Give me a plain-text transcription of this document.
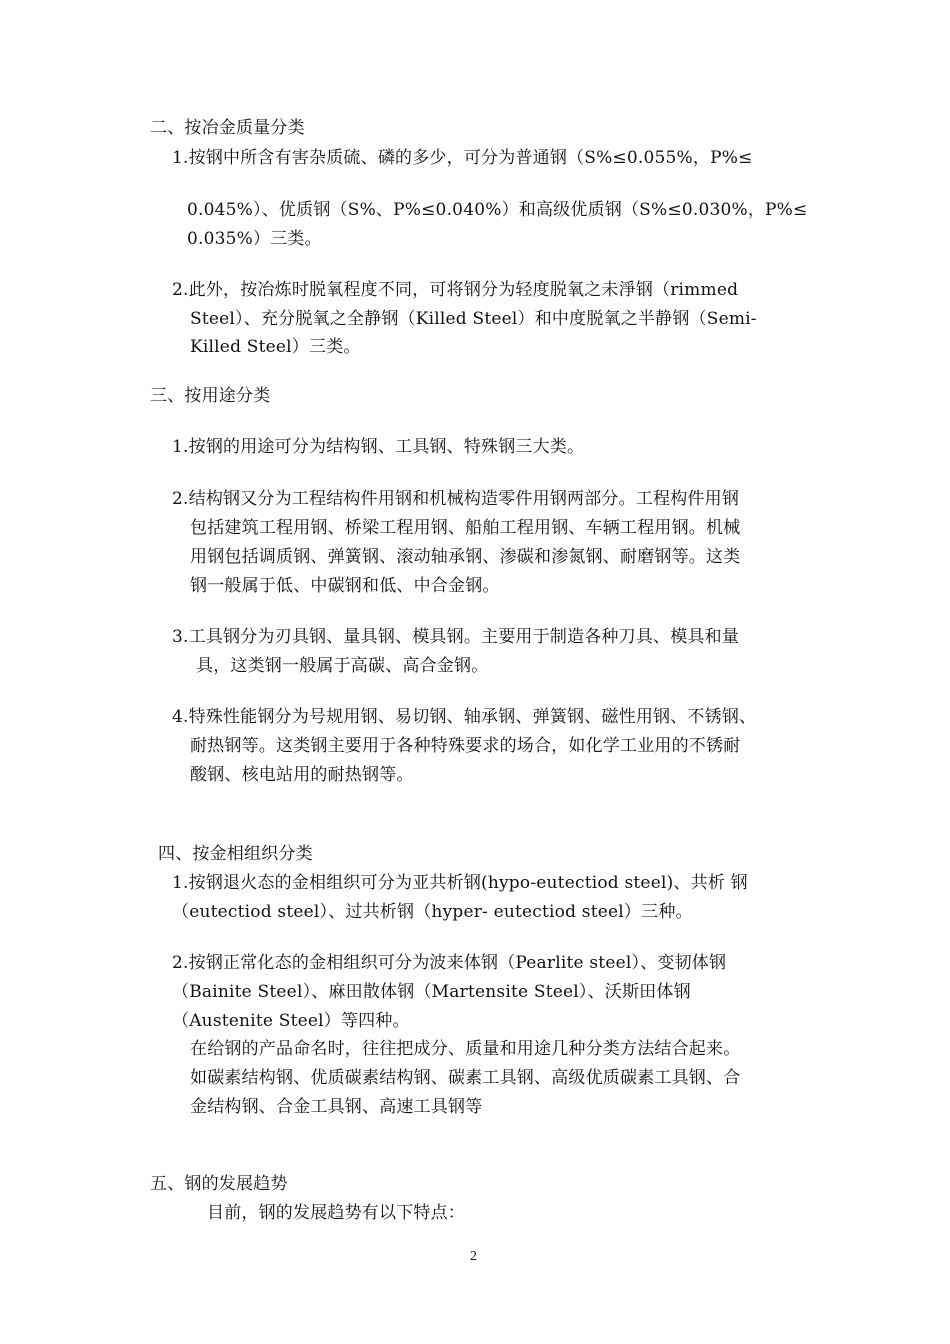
二、按冶金质量分类
1.按钢中所含有害杂质硫、磷的多少，可分为普通钢（S%≤0.055%，P%≤
0.045%）、优质钢（S%、P%≤0.040%）和高级优质钢（S%≤0.030%，P%≤
0.035%）三类。
2.此外，按冶炼时脱氧程度不同，可将钢分为轻度脱氧之未淨钢（rimmed
Steel）、充分脱氧之全静钢（Killed Steel）和中度脱氧之半静钢（Semi-
Killed Steel）三类。
三、按用途分类
1.按钢的用途可分为结构钢、工具钢、特殊钢三大类。
2.结构钢又分为工程结构件用钢和机械构造零件用钢两部分。工程构件用钢
包括建筑工程用钢、桥梁工程用钢、船舶工程用钢、车辆工程用钢。机械
用钢包括调质钢、弹簧钢、滚动轴承钢、渗碳和渗氮钢、耐磨钢等。这类
钢一般属于低、中碳钢和低、中合金钢。
3.工具钢分为刃具钢、量具钢、模具钢。主要用于制造各种刀具、模具和量
具，这类钢一般属于高碳、高合金钢。
4.特殊性能钢分为号规用钢、易切钢、轴承钢、弹簧钢、磁性用钢、不锈钢、
耐热钢等。这类钢主要用于各种特殊要求的场合，如化学工业用的不锈耐
酸钢、核电站用的耐热钢等。
四、按金相组织分类
1.按钢退火态的金相组织可分为亚共析钢(hypo-eutectiod steel)、共析 钢
（eutectiod steel）、过共析钢（hyper- eutectiod steel）三种。
2.按钢正常化态的金相组织可分为波来体钢（Pearlite steel）、变韧体钢
（Bainite Steel）、麻田散体钢（Martensite Steel）、沃斯田体钢
（Austenite Steel）等四种。
在给钢的产品命名时，往往把成分、质量和用途几种分类方法结合起来。
如碳素结构钢、优质碳素结构钢、碳素工具钢、高级优质碳素工具钢、合
金结构钢、合金工具钢、高速工具钢等
五、钢的发展趋势
目前，钢的发展趋势有以下特点：
2
